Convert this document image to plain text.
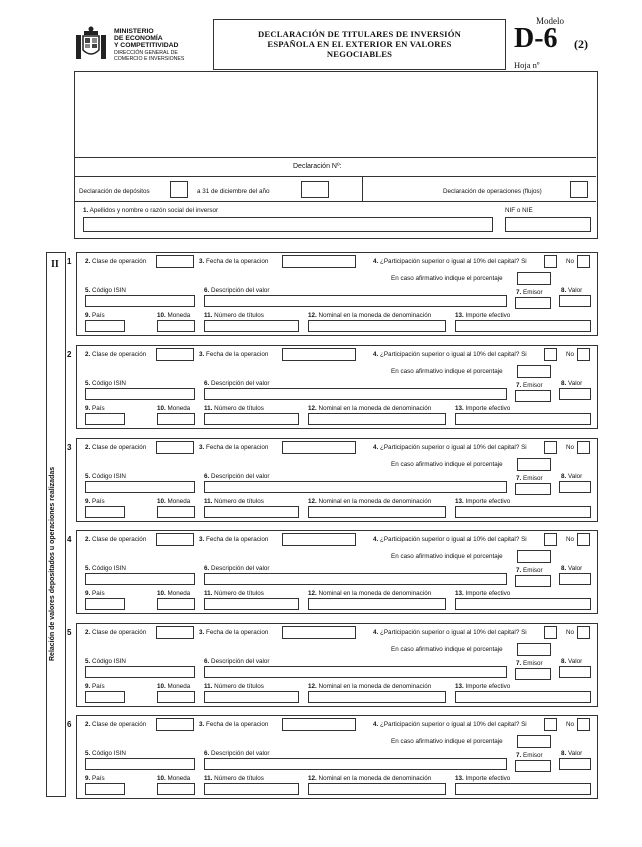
MINISTERIO
DE ECONOMÍA
Y COMPETITIVIDAD
DIRECCIÓN GENERAL DE
COMERCIO E INVERSIONES
DECLARACIÓN DE TITULARES DE INVERSIÓN
ESPAÑOLA EN EL EXTERIOR EN VALORES
NEGOCIABLES
Modelo
D-6 (2)
Hoja nº
Declaración Nº:
Declaración de depósitos	a 31 de diciembre del año	Declaración de operaciones (flujos)
1. Apellidos y nombre o razón social del inversor	NIF o NIE
II
Relación de valores depositados u operaciones realizadas
1 2. Clase de operación	3. Fecha de la operacion	4. ¿Participación superior o igual al 10% del capital? Si	No
En caso afirmativo indique el porcentaje
5. Código ISIN	6. Descripción del valor	7. Emisor	8. Valor
9. País	10. Moneda 11. Número de títulos	12. Nominal en la moneda de denominación	13. Importe efectivo
2 2. Clase de operación	3. Fecha de la operacion	4. ¿Participación superior o igual al 10% del capital? Si	No
En caso afirmativo indique el porcentaje
5. Código ISIN	6. Descripción del valor	7. Emisor	8. Valor
9. País	10. Moneda 11. Número de títulos	12. Nominal en la moneda de denominación	13. Importe efectivo
3 2. Clase de operación	3. Fecha de la operacion	4. ¿Participación superior o igual al 10% del capital? Si	No
En caso afirmativo indique el porcentaje
5. Código ISIN	6. Descripción del valor	7. Emisor	8. Valor
9. País	10. Moneda 11. Número de títulos	12. Nominal en la moneda de denominación	13. Importe efectivo
4 2. Clase de operación	3. Fecha de la operacion	4. ¿Participación superior o igual al 10% del capital? Si	No
En caso afirmativo indique el porcentaje
5. Código ISIN	6. Descripción del valor	7. Emisor	8. Valor
9. País	10. Moneda 11. Número de títulos	12. Nominal en la moneda de denominación	13. Importe efectivo
5 2. Clase de operación	3. Fecha de la operacion	4. ¿Participación superior o igual al 10% del capital? Si	No
En caso afirmativo indique el porcentaje
5. Código ISIN	6. Descripción del valor	7. Emisor	8. Valor
9. País	10. Moneda 11. Número de títulos	12. Nominal en la moneda de denominación	13. Importe efectivo
6 2. Clase de operación	3. Fecha de la operacion	4. ¿Participación superior o igual al 10% del capital? Si	No
En caso afirmativo indique el porcentaje
5. Código ISIN	6. Descripción del valor	7. Emisor	8. Valor
9. País	10. Moneda 11. Número de títulos	12. Nominal en la moneda de denominación	13. Importe efectivo
